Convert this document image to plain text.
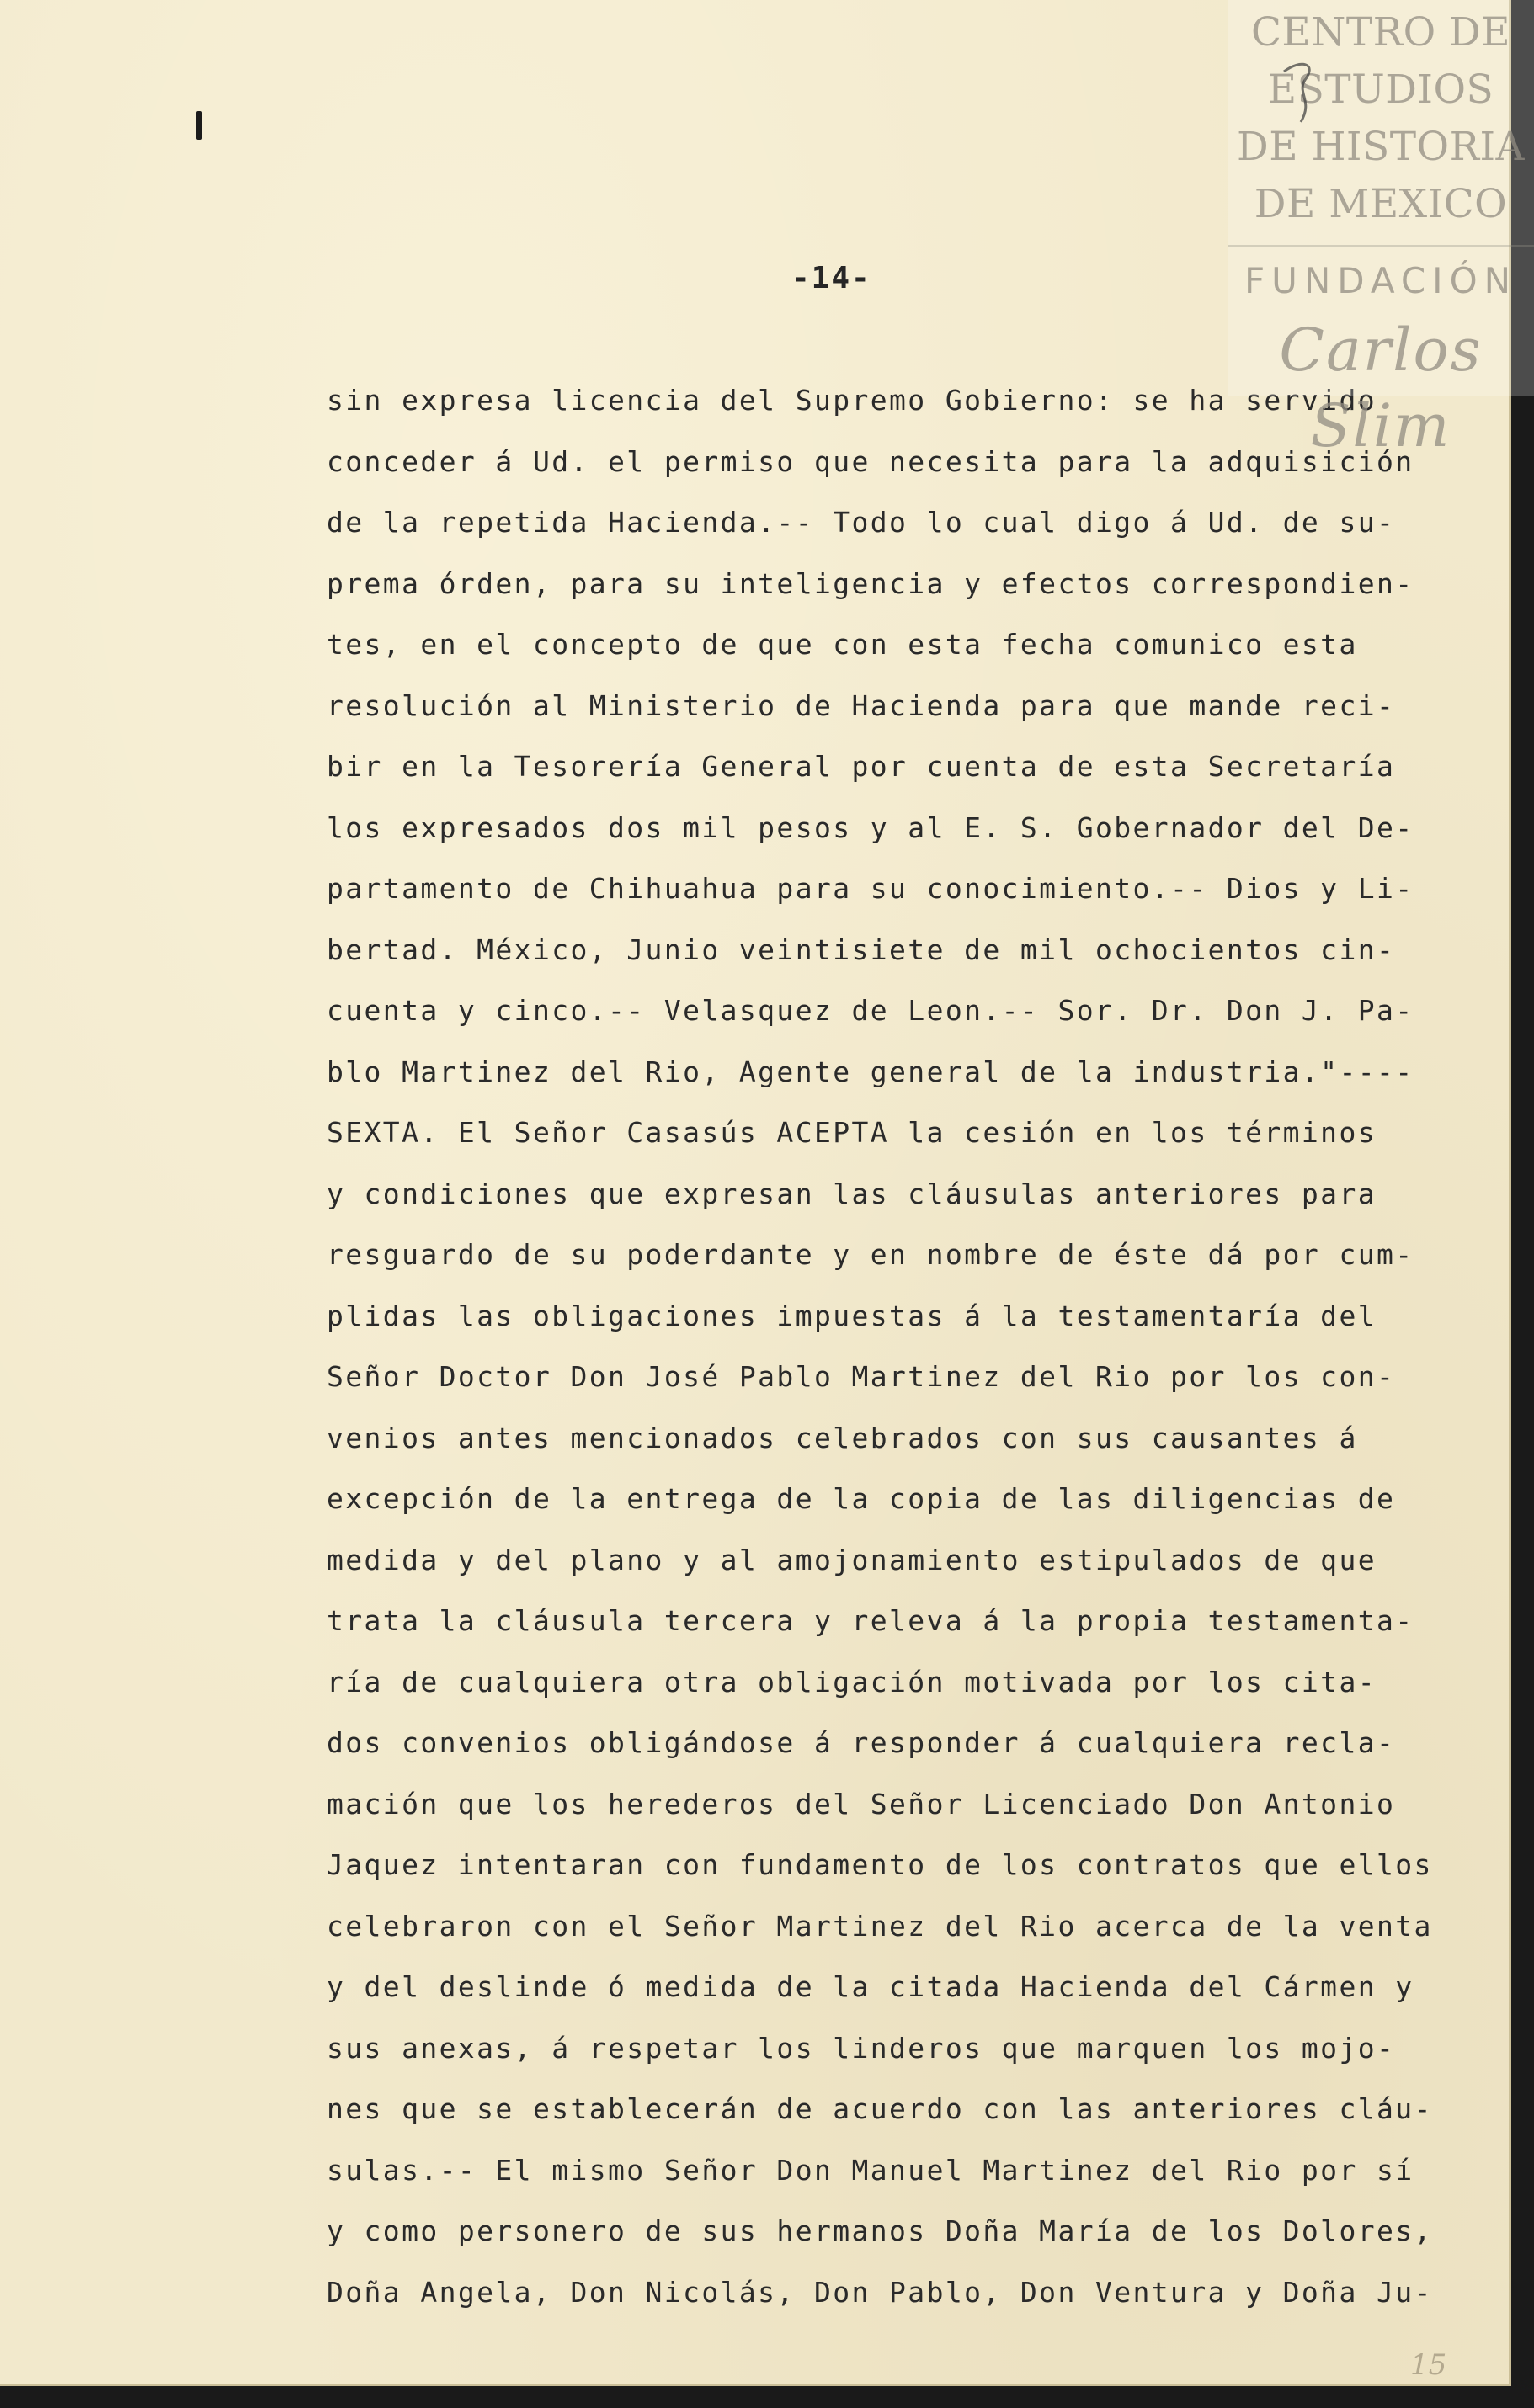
-14-
sin expresa licencia del Supremo Gobierno: se ha servido
conceder á Ud. el permiso que necesita para la adquisición
de la repetida Hacienda.-- Todo lo cual digo á Ud. de su-
prema órden, para su inteligencia y efectos correspondien-
tes, en el concepto de que con esta fecha comunico esta
resolución al Ministerio de Hacienda para que mande reci-
bir en la Tesorería General por cuenta de esta Secretaría
los expresados dos mil pesos y al E. S. Gobernador del De-
partamento de Chihuahua para su conocimiento.-- Dios y Li-
bertad. México, Junio veintisiete de mil ochocientos cin-
cuenta y cinco.-- Velasquez de Leon.-- Sor. Dr. Don J. Pa-
blo Martinez del Rio, Agente general de la industria."----
SEXTA. El Señor Casasús ACEPTA la cesión en los términos
y condiciones que expresan las cláusulas anteriores para
resguardo de su poderdante y en nombre de éste dá por cum-
plidas las obligaciones impuestas á la testamentaría del
Señor Doctor Don José Pablo Martinez del Rio por los con-
venios antes mencionados celebrados con sus causantes á
excepción de la entrega de la copia de las diligencias de
medida y del plano y al amojonamiento estipulados de que
trata la cláusula tercera y releva á la propia testamenta-
ría de cualquiera otra obligación motivada por los cita-
dos convenios obligándose á responder á cualquiera recla-
mación que los herederos del Señor Licenciado Don Antonio
Jaquez intentaran con fundamento de los contratos que ellos
celebraron con el Señor Martinez del Rio acerca de la venta
y del deslinde ó medida de la citada Hacienda del Cármen y
sus anexas, á respetar los linderos que marquen los mojo-
nes que se establecerán de acuerdo con las anteriores cláu-
sulas.-- El mismo Señor Don Manuel Martinez del Rio por sí
y como personero de sus hermanos Doña María de los Dolores,
Doña Angela, Don Nicolás, Don Pablo, Don Ventura y Doña Ju-
15
CENTRO DE
ESTUDIOS
DE HISTORIA
DE MEXICO
FUNDACIÓN
Carlos Slim
